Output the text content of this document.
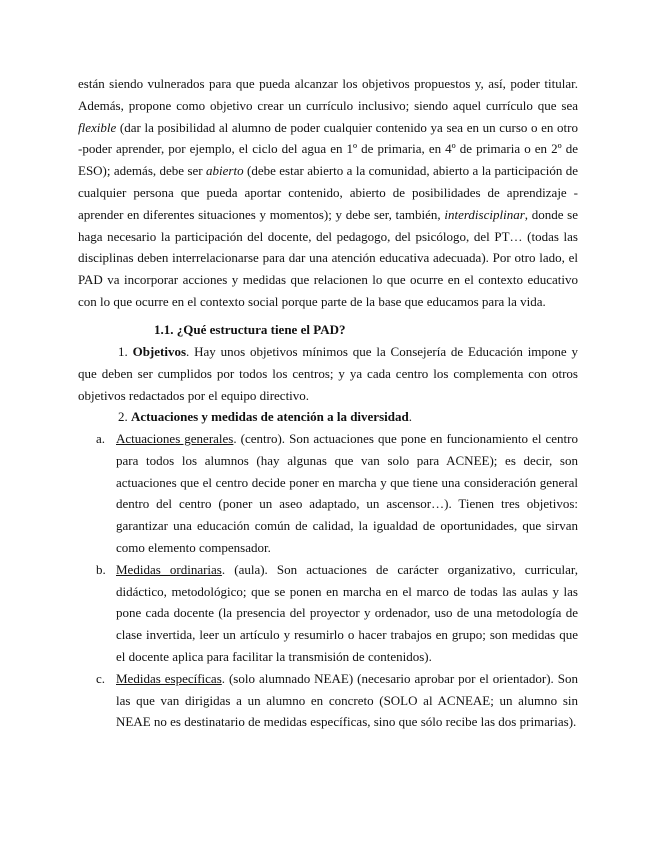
están siendo vulnerados para que pueda alcanzar los objetivos propuestos y, así, poder titular. Además, propone como objetivo crear un currículo inclusivo; siendo aquel currículo que sea flexible (dar la posibilidad al alumno de poder cualquier contenido ya sea en un curso o en otro -poder aprender, por ejemplo, el ciclo del agua en 1º de primaria, en 4º de primaria o en 2º de ESO); además, debe ser abierto (debe estar abierto a la comunidad, abierto a la participación de cualquier persona que pueda aportar contenido, abierto de posibilidades de aprendizaje -aprender en diferentes situaciones y momentos); y debe ser, también, interdisciplinar, donde se haga necesario la participación del docente, del pedagogo, del psicólogo, del PT… (todas las disciplinas deben interrelacionarse para dar una atención educativa adecuada). Por otro lado, el PAD va incorporar acciones y medidas que relacionen lo que ocurre en el contexto educativo con lo que ocurre en el contexto social porque parte de la base que educamos para la vida.

1.1. ¿Qué estructura tiene el PAD?

1. Objetivos. Hay unos objetivos mínimos que la Consejería de Educación impone y que deben ser cumplidos por todos los centros; y ya cada centro los complementa con otros objetivos redactados por el equipo directivo.

2. Actuaciones y medidas de atención a la diversidad.

a. Actuaciones generales. (centro). Son actuaciones que pone en funcionamiento el centro para todos los alumnos (hay algunas que van solo para ACNEE); es decir, son actuaciones que el centro decide poner en marcha y que tiene una consideración general dentro del centro (poner un aseo adaptado, un ascensor…). Tienen tres objetivos: garantizar una educación común de calidad, la igualdad de oportunidades, que sirvan como elemento compensador.

b. Medidas ordinarias. (aula). Son actuaciones de carácter organizativo, curricular, didáctico, metodológico; que se ponen en marcha en el marco de todas las aulas y las pone cada docente (la presencia del proyector y ordenador, uso de una metodología de clase invertida, leer un artículo y resumirlo o hacer trabajos en grupo; son medidas que el docente aplica para facilitar la transmisión de contenidos).

c. Medidas específicas. (solo alumnado NEAE) (necesario aprobar por el orientador). Son las que van dirigidas a un alumno en concreto (SOLO al ACNEAE; un alumno sin NEAE no es destinatario de medidas específicas, sino que sólo recibe las dos primarias).
